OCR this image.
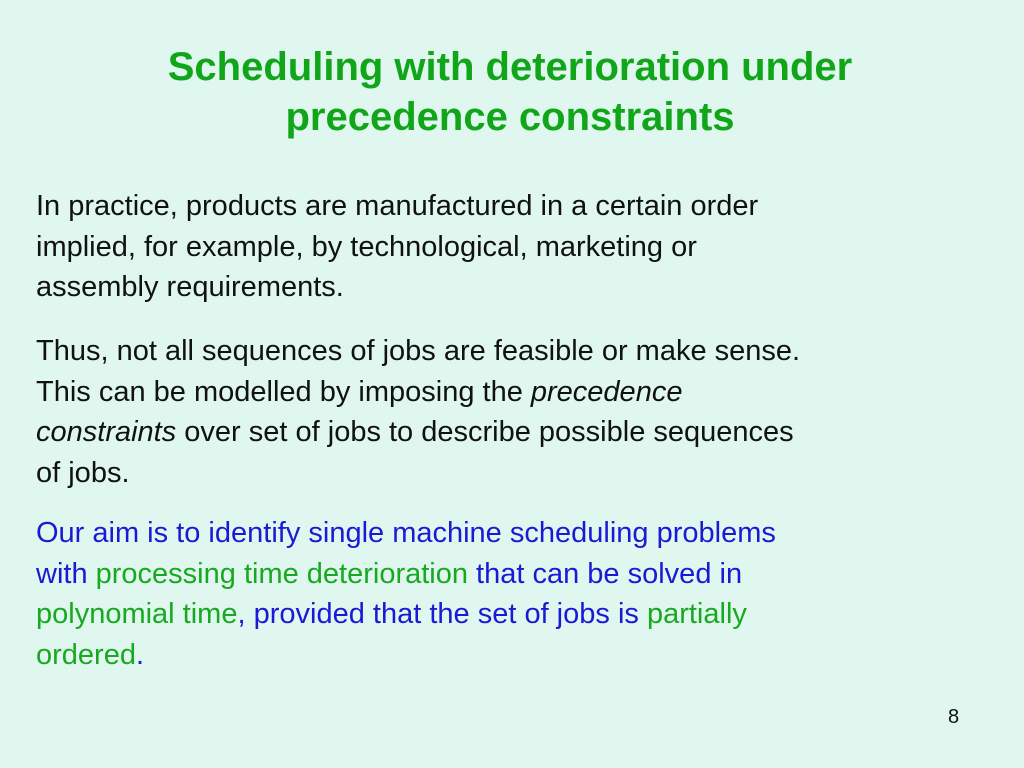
Scheduling with deterioration under
precedence constraints

In practice, products are manufactured in a certain order
implied, for example, by technological, marketing or
assembly requirements.

Thus, not all sequences of jobs are feasible or make sense.
This can be modelled by imposing the precedence
constraints over set of jobs to describe possible sequences
of jobs.

Our aim is to identify single machine scheduling problems
with processing time deterioration that can be solved in
polynomial time, provided that the set of jobs is partially
ordered.

8
